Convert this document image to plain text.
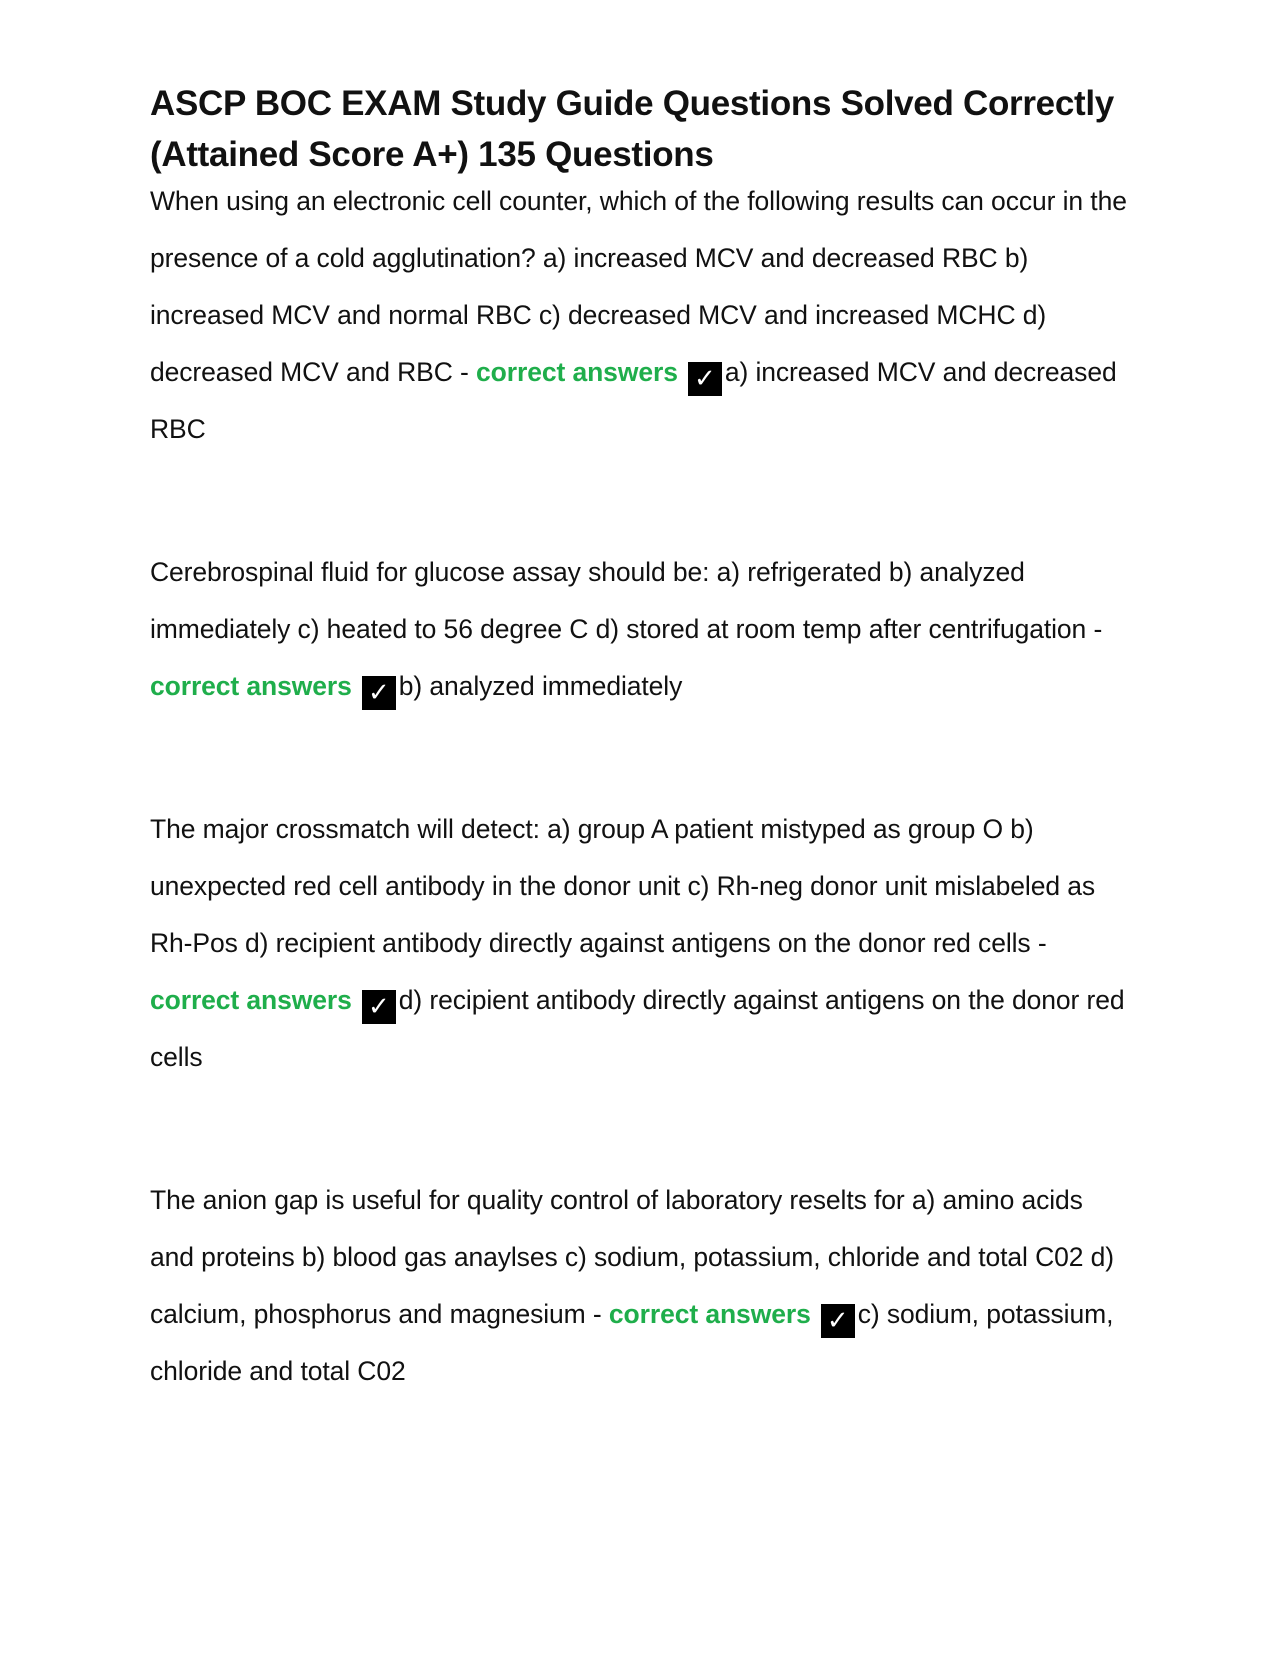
ASCP BOC EXAM Study Guide Questions Solved Correctly (Attained Score A+) 135 Questions

When using an electronic cell counter, which of the following results can occur in the presence of a cold agglutination? a) increased MCV and decreased RBC b) increased MCV and normal RBC c) decreased MCV and increased MCHC d) decreased MCV and RBC - correct answers ✓ a) increased MCV and decreased RBC

Cerebrospinal fluid for glucose assay should be: a) refrigerated b) analyzed immediately c) heated to 56 degree C d) stored at room temp after centrifugation - correct answers ✓ b) analyzed immediately

The major crossmatch will detect: a) group A patient mistyped as group O b) unexpected red cell antibody in the donor unit c) Rh-neg donor unit mislabeled as Rh-Pos d) recipient antibody directly against antigens on the donor red cells - correct answers ✓ d) recipient antibody directly against antigens on the donor red cells

The anion gap is useful for quality control of laboratory reselts for a) amino acids and proteins b) blood gas anaylses c) sodium, potassium, chloride and total C02 d) calcium, phosphorus and magnesium - correct answers ✓ c) sodium, potassium, chloride and total C02
